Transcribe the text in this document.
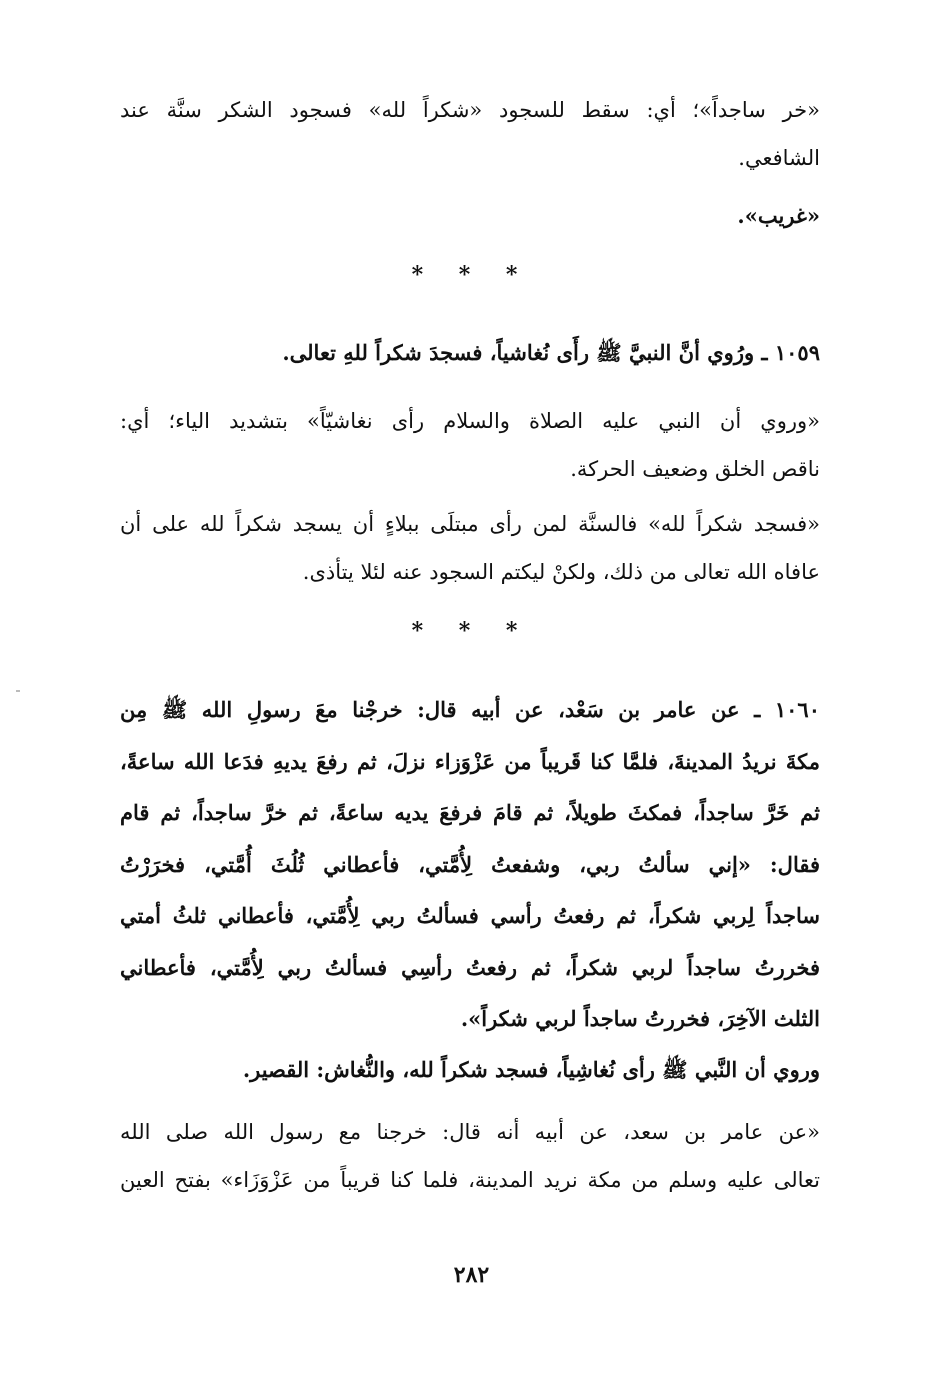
«خر ساجداً»؛ أي: سقط للسجود «شكراً لله» فسجود الشكر سنَّة عند
الشافعي.
«غريب».
* * *
١٠٥٩ ـ ورُوي أنَّ النبيَّ ﷺ رأَى نُغاشياً، فسجدَ شكراً للهِ تعالى.
«وروي أن النبي عليه الصلاة والسلام رأى نغاشيّاً» بتشديد الياء؛ أي:
ناقص الخلق وضعيف الحركة.
«فسجد شكراً لله» فالسنَّة لمن رأى مبتلَى ببلاءٍ أن يسجد شكراً لله على أن
عافاه الله تعالى من ذلك، ولكنْ ليكتم السجود عنه لئلا يتأذى.
* * *
١٠٦٠ ـ عن عامر بن سَعْد، عن أبيه قال: خرجْنا معَ رسولِ الله ﷺ مِن
مكةَ نريدُ المدينةَ، فلمَّا كنا قَريباً من عَزْوَزاء نزلَ، ثم رفعَ يديهِ فدَعا الله ساعةً،
ثم خَرَّ ساجداً، فمكثَ طويلاً، ثم قامَ فرفعَ يديه ساعةً، ثم خرَّ ساجداً، ثم قام
فقال: «إني سألتُ ربي، وشفعتُ لِأُمَّتي، فأعطاني ثُلُثَ أُمَّتي، فخرَرْتُ
ساجداً لِربي شكراً، ثم رفعتُ رأسي فسألتُ ربي لِأُمَّتي، فأعطاني ثلثُ أمتي
فخررتُ ساجداً لربي شكراً، ثم رفعتُ رأسِي فسألتُ ربي لِأُمَّتي، فأعطاني
الثلث الآخِرَ، فخررتُ ساجداً لربي شكراً».
وروي أن النَّبي ﷺ رأى نُغاشِياً، فسجد شكراً لله، والنُّغاش: القصير.
«عن عامر بن سعد، عن أبيه أنه قال: خرجنا مع رسول الله صلى الله
تعالى عليه وسلم من مكة نريد المدينة، فلما كنا قريباً من عَزْوَزَاء» بفتح العين
٢٨٢
